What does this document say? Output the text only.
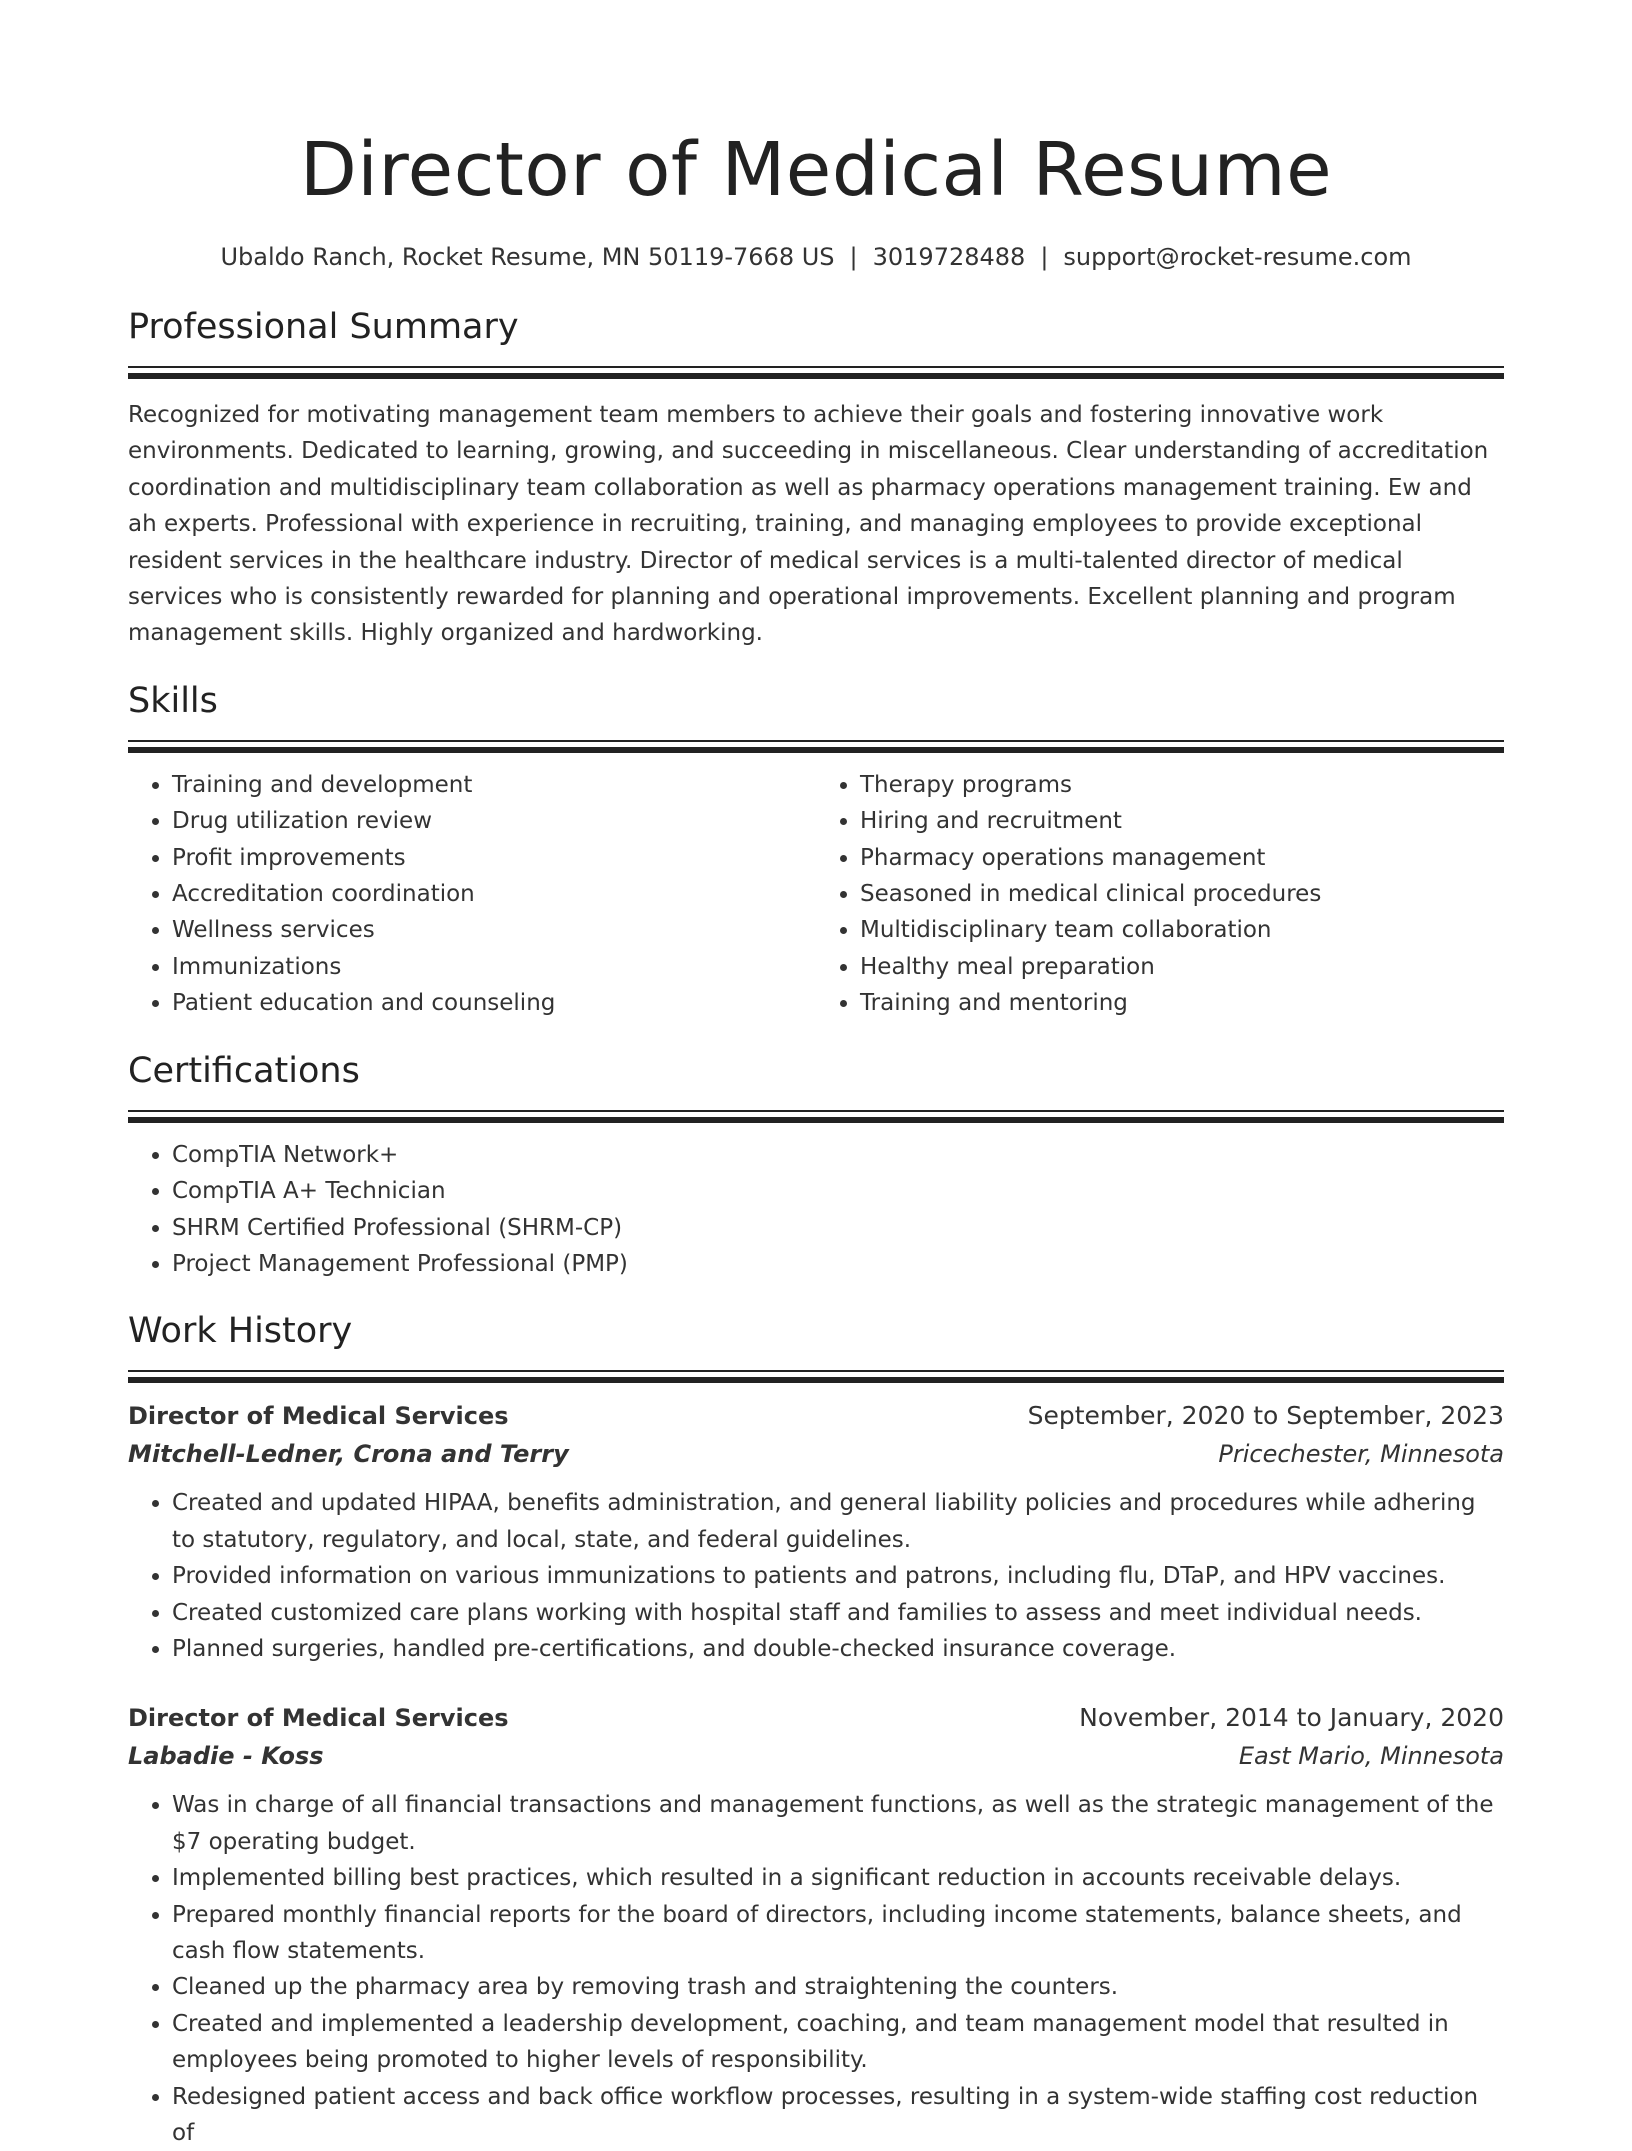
Director of Medical Resume
Ubaldo Ranch, Rocket Resume, MN 50119-7668 US | 3019728488 | support@rocket-resume.com
Professional Summary

Recognized for motivating management team members to achieve their goals and fostering innovative work environments. Dedicated to learning, growing, and succeeding in miscellaneous. Clear understanding of accreditation coordination and multidisciplinary team collaboration as well as pharmacy operations management training. Ew and ah experts. Professional with experience in recruiting, training, and managing employees to provide exceptional resident services in the healthcare industry. Director of medical services is a multi-talented director of medical services who is consistently rewarded for planning and operational improvements. Excellent planning and program management skills. Highly organized and hardworking.

Skills
• Training and development
• Drug utilization review
• Profit improvements
• Accreditation coordination
• Wellness services
• Immunizations
• Patient education and counseling
• Therapy programs
• Hiring and recruitment
• Pharmacy operations management
• Seasoned in medical clinical procedures
• Multidisciplinary team collaboration
• Healthy meal preparation
• Training and mentoring
Certifications
• CompTIA Network+
• CompTIA A+ Technician
• SHRM Certified Professional (SHRM-CP)
• Project Management Professional (PMP)
Work History
Director of Medical Services	September, 2020 to September, 2023
Mitchell-Ledner, Crona and Terry	Pricechester, Minnesota
• Created and updated HIPAA, benefits administration, and general liability policies and procedures while adhering to statutory, regulatory, and local, state, and federal guidelines.
• Provided information on various immunizations to patients and patrons, including flu, DTaP, and HPV vaccines.
• Created customized care plans working with hospital staff and families to assess and meet individual needs.
• Planned surgeries, handled pre-certifications, and double-checked insurance coverage.
Director of Medical Services	November, 2014 to January, 2020
Labadie - Koss	East Mario, Minnesota
• Was in charge of all financial transactions and management functions, as well as the strategic management of the $7 operating budget.
• Implemented billing best practices, which resulted in a significant reduction in accounts receivable delays.
• Prepared monthly financial reports for the board of directors, including income statements, balance sheets, and cash flow statements.
• Cleaned up the pharmacy area by removing trash and straightening the counters.
• Created and implemented a leadership development, coaching, and team management model that resulted in employees being promoted to higher levels of responsibility.
• Redesigned patient access and back office workflow processes, resulting in a system-wide staffing cost reduction of
